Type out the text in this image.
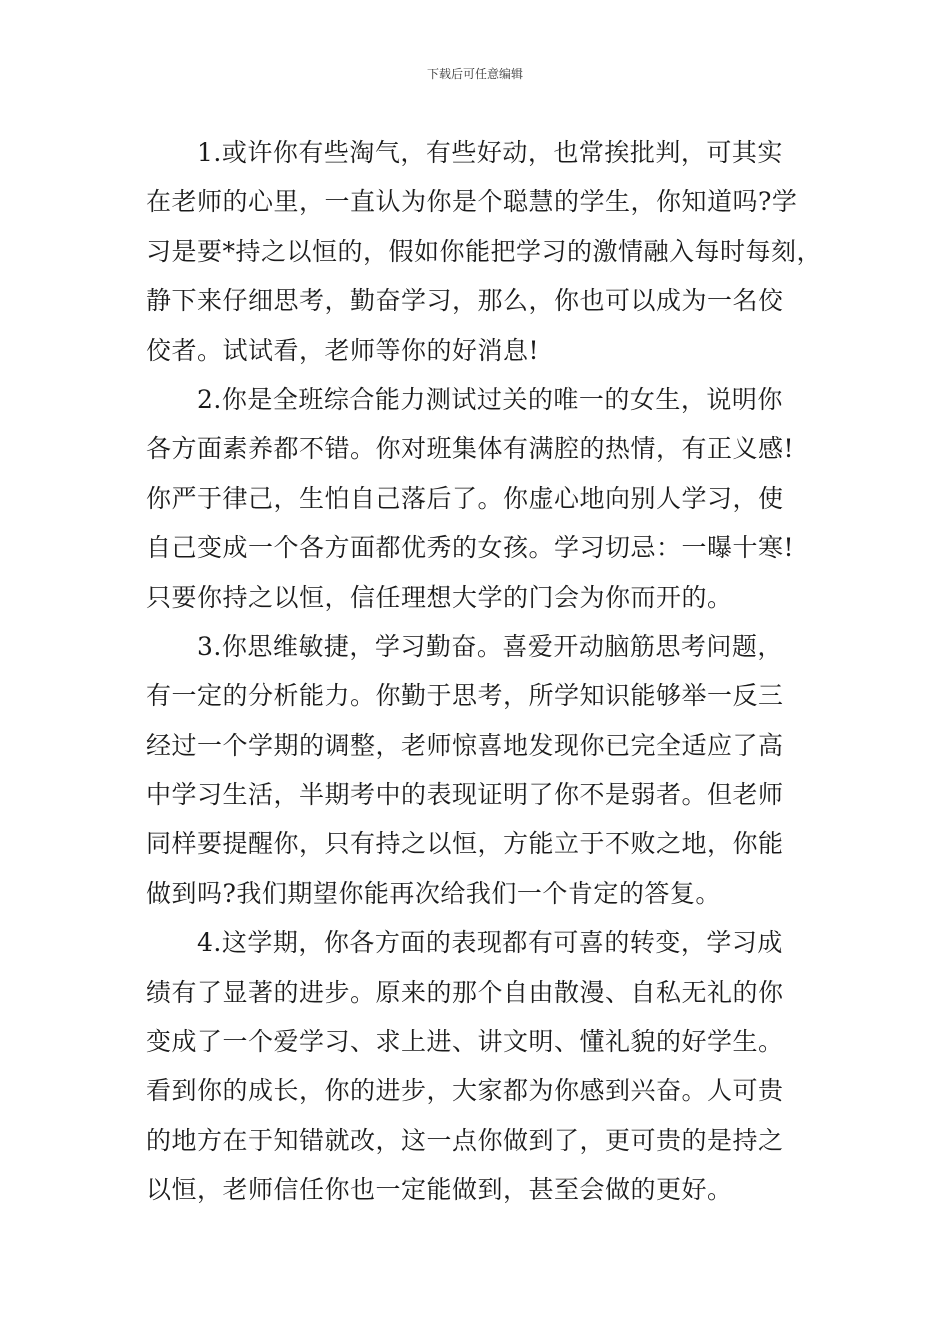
下载后可任意编辑
1.或许你有些淘气，有些好动，也常挨批判，可其实
在老师的心里，一直认为你是个聪慧的学生，你知道吗?学
习是要*持之以恒的，假如你能把学习的激情融入每时每刻，
静下来仔细思考，勤奋学习，那么，你也可以成为一名佼
佼者。试试看，老师等你的好消息!
2.你是全班综合能力测试过关的唯一的女生，说明你
各方面素养都不错。你对班集体有满腔的热情，有正义感!
你严于律己，生怕自己落后了。你虚心地向别人学习，使
自己变成一个各方面都优秀的女孩。学习切忌：一曝十寒!
只要你持之以恒，信任理想大学的门会为你而开的。
3.你思维敏捷，学习勤奋。喜爱开动脑筋思考问题，
有一定的分析能力。你勤于思考，所学知识能够举一反三
经过一个学期的调整，老师惊喜地发现你已完全适应了高
中学习生活，半期考中的表现证明了你不是弱者。但老师
同样要提醒你，只有持之以恒，方能立于不败之地，你能
做到吗?我们期望你能再次给我们一个肯定的答复。
4.这学期，你各方面的表现都有可喜的转变，学习成
绩有了显著的进步。原来的那个自由散漫、自私无礼的你
变成了一个爱学习、求上进、讲文明、懂礼貌的好学生。
看到你的成长，你的进步，大家都为你感到兴奋。人可贵
的地方在于知错就改，这一点你做到了，更可贵的是持之
以恒，老师信任你也一定能做到，甚至会做的更好。
